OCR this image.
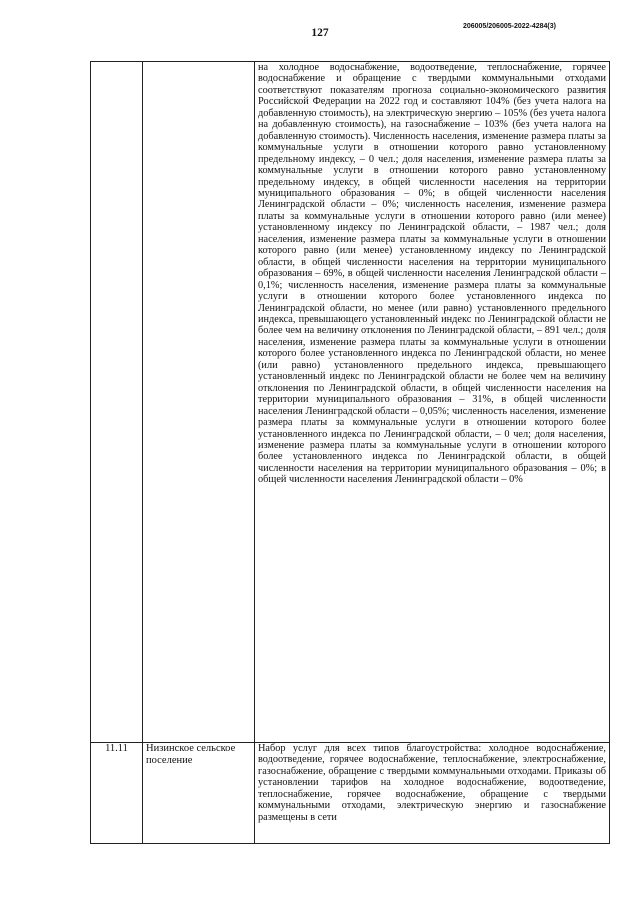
127
206005/206005-2022-4284(3)

		на холодное водоснабжение, водоотведение, теплоснабжение, горячее водоснабжение и обращение с твердыми коммунальными отходами соответствуют показателям прогноза социально-экономического развития Российской Федерации на 2022 год и составляют 104% (без учета налога на добавленную стоимость), на электрическую энергию – 105% (без учета налога на добавленную стоимость), на газоснабжение – 103% (без учета налога на добавленную стоимость). Численность населения, изменение размера платы за коммунальные услуги в отношении которого равно установленному предельному индексу, – 0 чел.; доля населения, изменение размера платы за коммунальные услуги в отношении которого равно установленному предельному индексу, в общей численности населения на территории муниципального образования – 0%; в общей численности населения Ленинградской области – 0%; численность населения, изменение размера платы за коммунальные услуги в отношении которого равно (или менее) установленному индексу по Ленинградской области, – 1987 чел.; доля населения, изменение размера платы за коммунальные услуги в отношении которого равно (или менее) установленному индексу по Ленинградской области, в общей численности населения на территории муниципального образования – 69%, в общей численности населения Ленинградской области – 0,1%; численность населения, изменение размера платы за коммунальные услуги в отношении которого более установленного индекса по Ленинградской области, но менее (или равно) установленного предельного индекса, превышающего установленный индекс по Ленинградской области не более чем на величину отклонения по Ленинградской области, – 891 чел.; доля населения, изменение размера платы за коммунальные услуги в отношении которого более установленного индекса по Ленинградской области, но менее (или равно) установленного предельного индекса, превышающего установленный индекс по Ленинградской области не более чем на величину отклонения по Ленинградской области, в общей численности населения на территории муниципального образования – 31%, в общей численности населения Ленинградской области – 0,05%; численность населения, изменение размера платы за коммунальные услуги в отношении которого более установленного индекса по Ленинградской области, – 0 чел; доля населения, изменение размера платы за коммунальные услуги в отношении которого более установленного индекса по Ленинградской области, в общей численности населения на территории муниципального образования – 0%; в общей численности населения Ленинградской области – 0%

11.11	Низинское сельское поселение	Набор услуг для всех типов благоустройства: холодное водоснабжение, водоотведение, горячее водоснабжение, теплоснабжение, электроснабжение, газоснабжение, обращение с твердыми коммунальными отходами. Приказы об установлении тарифов на холодное водоснабжение, водоотведение, теплоснабжение, горячее водоснабжение, обращение с твердыми коммунальными отходами, электрическую энергию и газоснабжение размещены в сети
